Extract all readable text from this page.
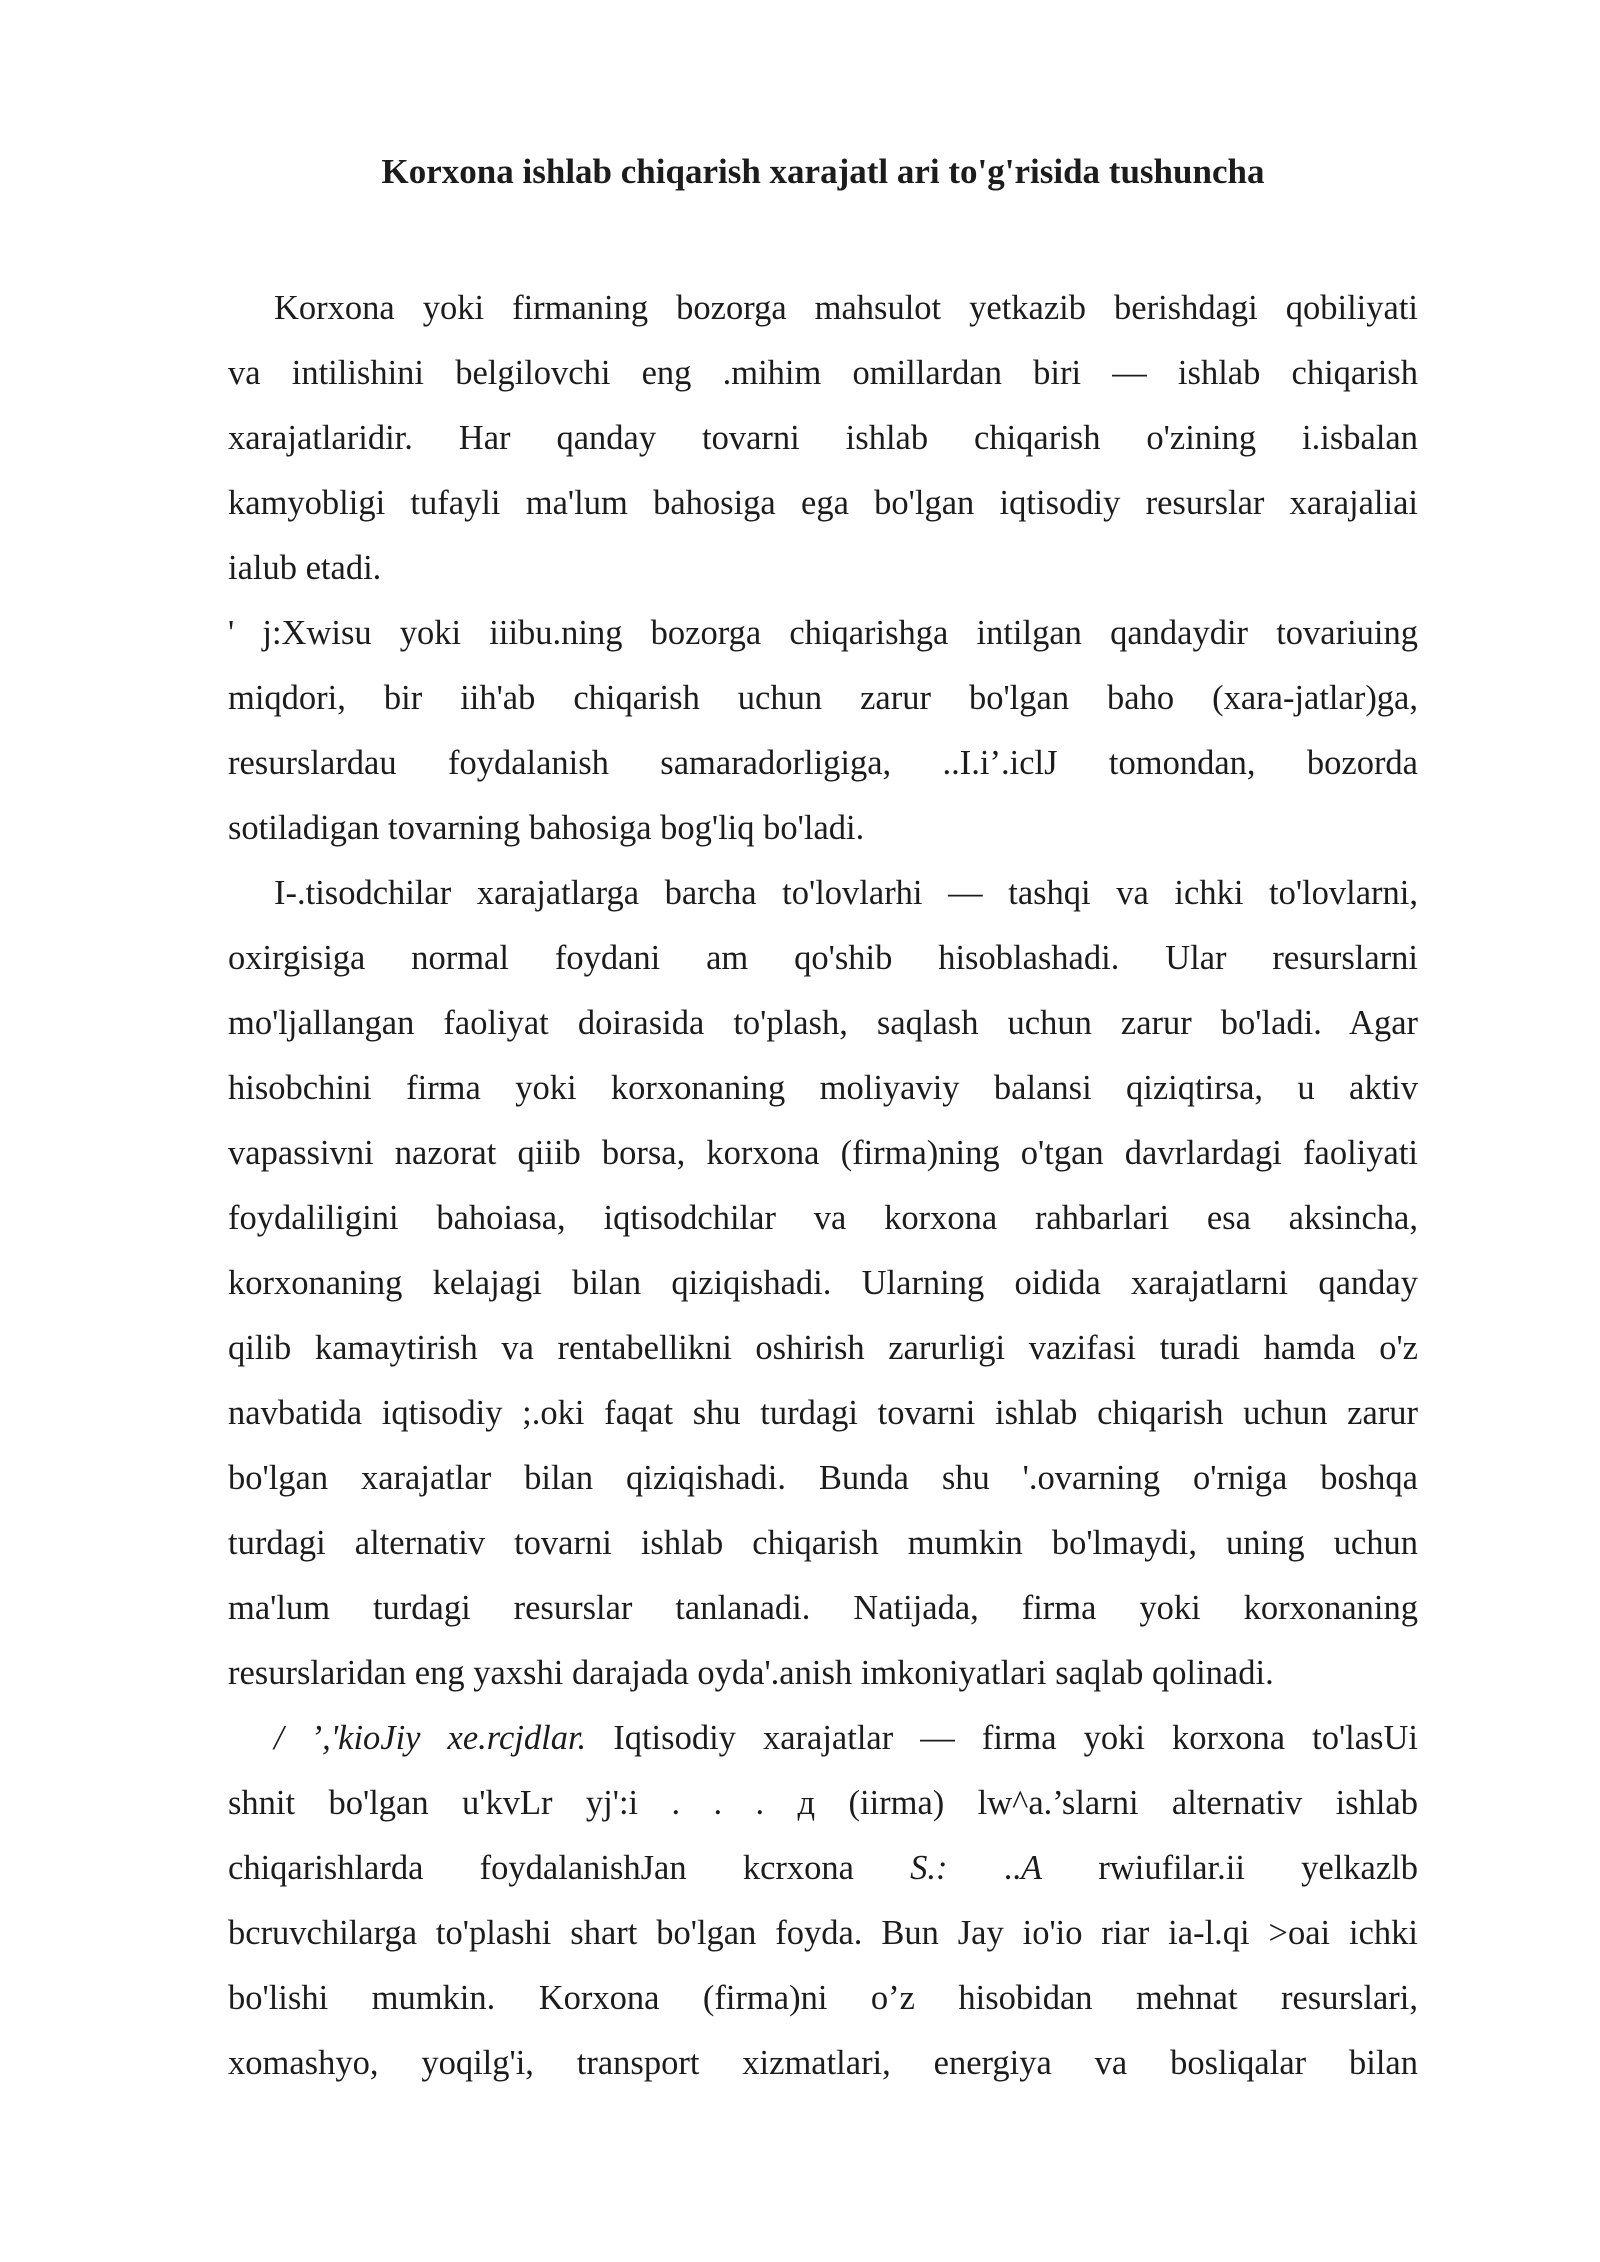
Korxona ishlab chiqarish xarajatl ari to'g'risida tushuncha
Korxona yoki firmaning bozorga mahsulot yetkazib berishdagi qobiliyati
va intilishini belgilovchi eng .mihim omillardan biri — ishlab chiqarish
xarajatlaridir. Har qanday tovarni ishlab chiqarish o'zining i.isbalan
kamyobligi tufayli ma'lum bahosiga ega bo'lgan iqtisodiy resurslar xarajaliai
ialub etadi.
' j:Xwisu yoki iiibu.ning bozorga chiqarishga intilgan qandaydir tovariuing
miqdori, bir iih'ab chiqarish uchun zarur bo'lgan baho (xara-jatlar)ga,
resurslardau foydalanish samaradorligiga, ..I.i’.iclJ tomondan, bozorda
sotiladigan tovarning bahosiga bog'liq bo'ladi.
I-.tisodchilar xarajatlarga barcha to'lovlarhi — tashqi va ichki to'lovlarni,
oxirgisiga normal foydani am qo'shib hisoblashadi. Ular resurslarni
mo'ljallangan faoliyat doirasida to'plash, saqlash uchun zarur bo'ladi. Agar
hisobchini firma yoki korxonaning moliyaviy balansi qiziqtirsa, u aktiv
vapassivni nazorat qiiib borsa, korxona (firma)ning o'tgan davrlardagi faoliyati
foydaliligini bahoiasa, iqtisodchilar va korxona rahbarlari esa aksincha,
korxonaning kelajagi bilan qiziqishadi. Ularning oidida xarajatlarni qanday
qilib kamaytirish va rentabellikni oshirish zarurligi vazifasi turadi hamda o'z
navbatida iqtisodiy ;.oki faqat shu turdagi tovarni ishlab chiqarish uchun zarur
bo'lgan xarajatlar bilan qiziqishadi. Bunda shu '.ovarning o'rniga boshqa
turdagi alternativ tovarni ishlab chiqarish mumkin bo'lmaydi, uning uchun
ma'lum turdagi resurslar tanlanadi. Natijada, firma yoki korxonaning
resurslaridan eng yaxshi darajada oyda'.anish imkoniyatlari saqlab qolinadi.
/ ’,'kioJiy xe.rcjdlar. Iqtisodiy xarajatlar — firma yoki korxona to'lasUi
shnit bo'lgan u'kvLr yj':i . . . д (iirma) lw^a.’slarni alternativ ishlab
chiqarishlarda foydalanishJan kcrxona S.: ..A rwiufilar.ii yelkazlb
bcruvchilarga to'plashi shart bo'lgan foyda. Bun Jay io'io riar ia-l.qi >oai ichki
bo'lishi mumkin. Korxona (firma)ni o’z hisobidan mehnat resurslari,
xomashyo, yoqilg'i, transport xizmatlari, energiya va bosliqalar bilan
